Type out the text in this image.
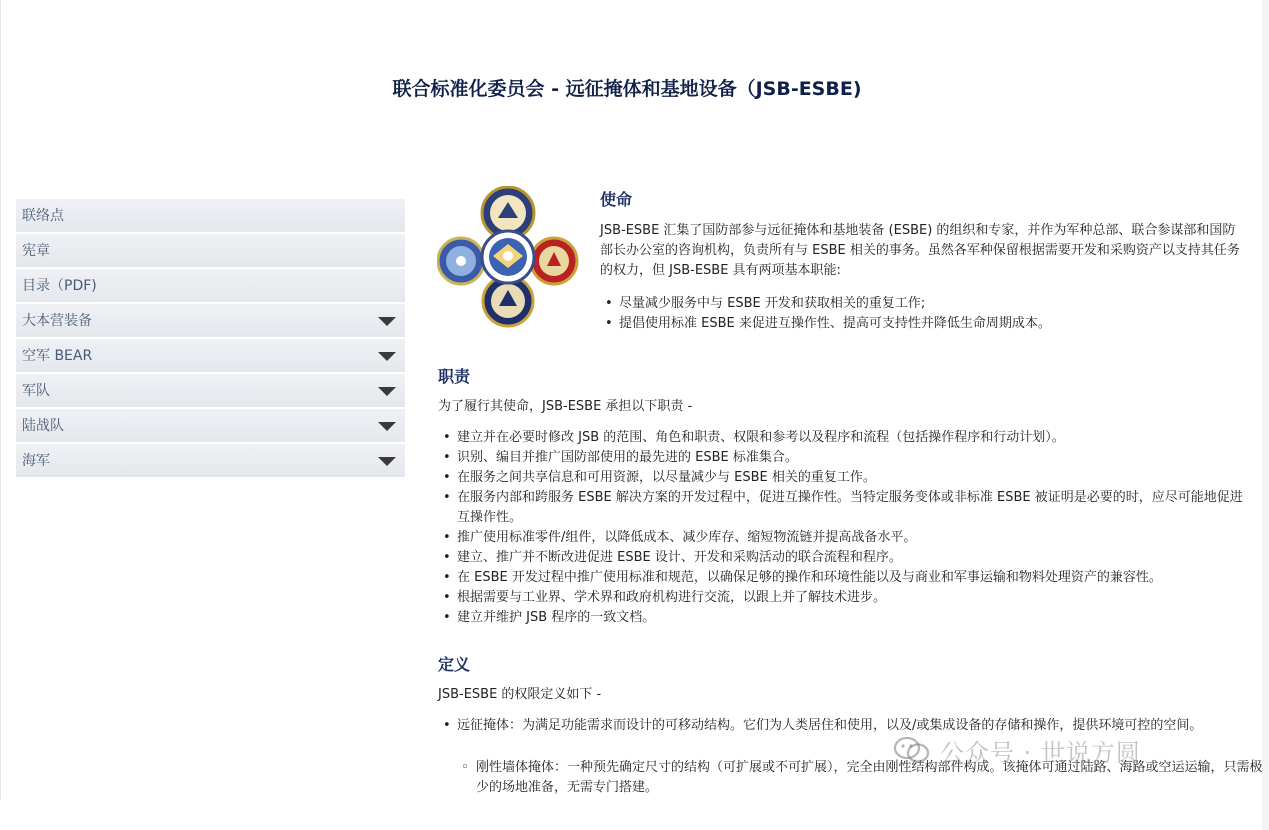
联合标准化委员会 - 远征掩体和基地设备（JSB-ESBE)
联络点
宪章
目录（PDF)
大本营装备
空军 BEAR
军队
陆战队
海军
使命
JSB-ESBE 汇集了国防部参与远征掩体和基地装备 (ESBE) 的组织和专家，并作为军种总部、联合参谋部和国防部长办公室的咨询机构，负责所有与 ESBE 相关的事务。虽然各军种保留根据需要开发和采购资产以支持其任务的权力，但 JSB-ESBE 具有两项基本职能:
• 尽量减少服务中与 ESBE 开发和获取相关的重复工作;
• 提倡使用标准 ESBE 来促进互操作性、提高可支持性并降低生命周期成本。
职责
为了履行其使命，JSB-ESBE 承担以下职责 -
• 建立并在必要时修改 JSB 的范围、角色和职责、权限和参考以及程序和流程（包括操作程序和行动计划）。
• 识别、编目并推广国防部使用的最先进的 ESBE 标准集合。
• 在服务之间共享信息和可用资源，以尽量减少与 ESBE 相关的重复工作。
• 在服务内部和跨服务 ESBE 解决方案的开发过程中，促进互操作性。当特定服务变体或非标准 ESBE 被证明是必要的时，应尽可能地促进互操作性。
• 推广使用标准零件/组件，以降低成本、减少库存、缩短物流链并提高战备水平。
• 建立、推广并不断改进促进 ESBE 设计、开发和采购活动的联合流程和程序。
• 在 ESBE 开发过程中推广使用标准和规范，以确保足够的操作和环境性能以及与商业和军事运输和物料处理资产的兼容性。
• 根据需要与工业界、学术界和政府机构进行交流，以跟上并了解技术进步。
• 建立并维护 JSB 程序的一致文档。
定义
JSB-ESBE 的权限定义如下 -
• 远征掩体：为满足功能需求而设计的可移动结构。它们为人类居住和使用，以及/或集成设备的存储和操作，提供环境可控的空间。
◦ 刚性墙体掩体：一种预先确定尺寸的结构（可扩展或不可扩展），完全由刚性结构部件构成。该掩体可通过陆路、海路或空运运输，只需极少的场地准备，无需专门搭建。
公众号 · 世说方圆
